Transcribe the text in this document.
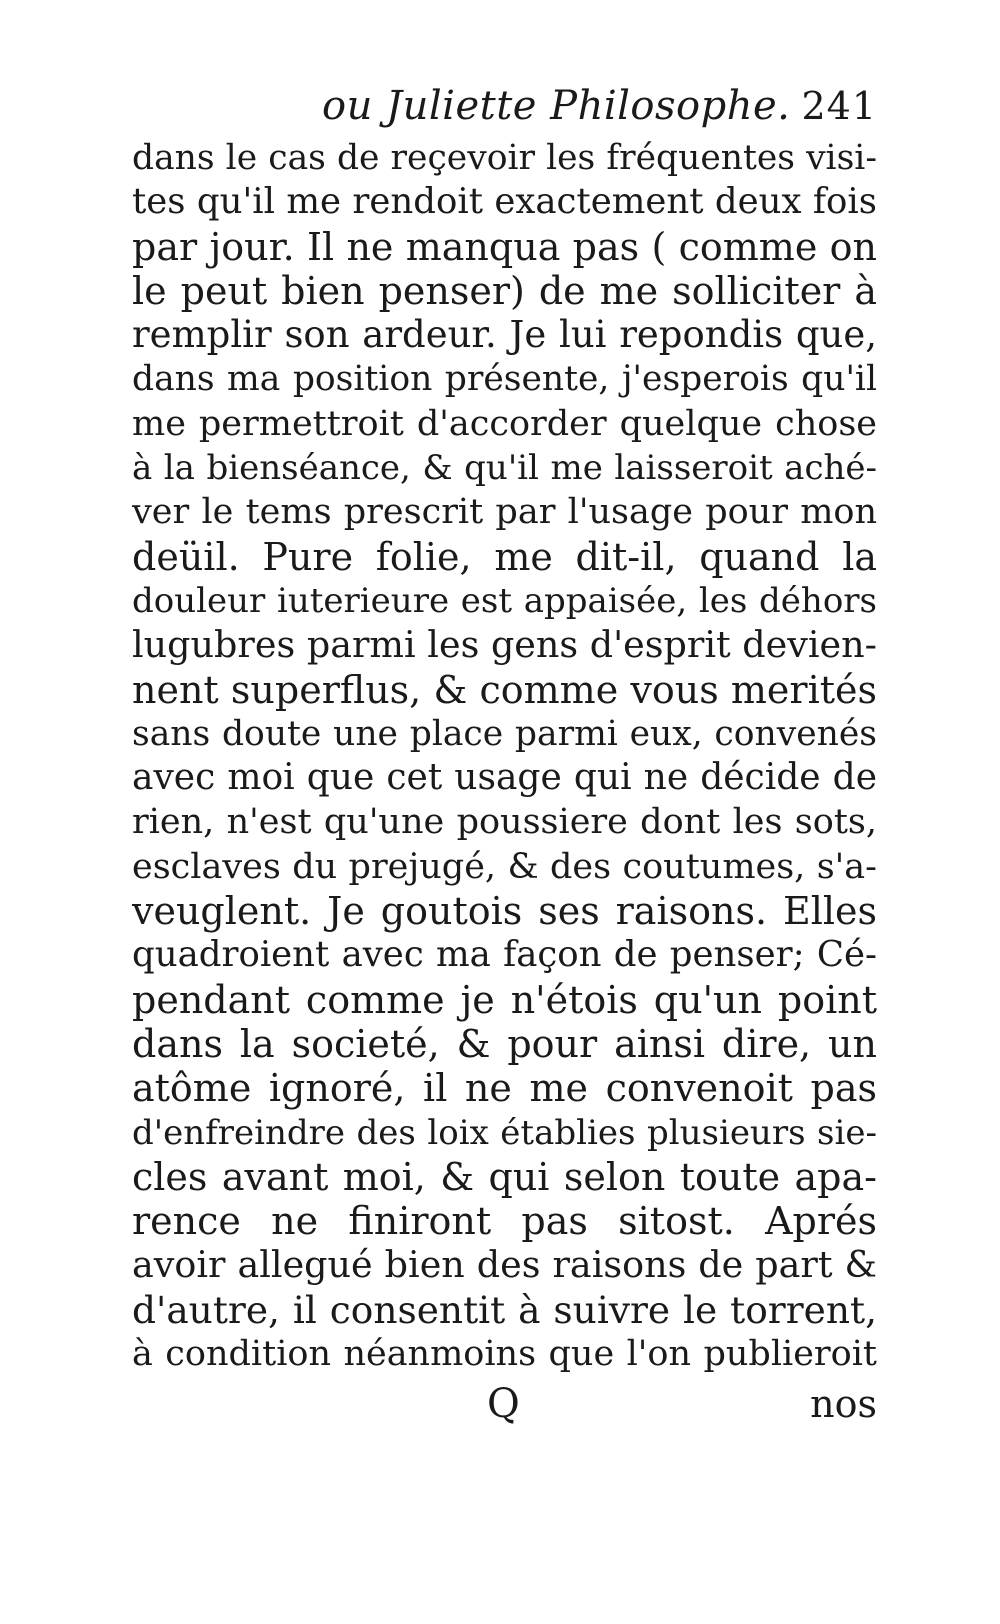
ou Juliette Philosophe. 241
dans le cas de reçevoir les fréquentes visi-
tes qu'il me rendoit exactement deux fois
par jour. Il ne manqua pas ( comme on
le peut bien penser) de me solliciter à
remplir son ardeur. Je lui repondis que,
dans ma position présente, j'esperois qu'il
me permettroit d'accorder quelque chose
à la bienséance, & qu'il me laisseroit aché-
ver le tems prescrit par l'usage pour mon
deüil. Pure folie, me dit-il, quand la
douleur iuterieure est appaisée, les déhors
lugubres parmi les gens d'esprit devien-
nent superflus, & comme vous merités
sans doute une place parmi eux, convenés
avec moi que cet usage qui ne décide de
rien, n'est qu'une poussiere dont les sots,
esclaves du prejugé, & des coutumes, s'a-
veuglent. Je goutois ses raisons. Elles
quadroient avec ma façon de penser; Cé-
pendant comme je n'étois qu'un point
dans la societé, & pour ainsi dire, un
atôme ignoré, il ne me convenoit pas
d'enfreindre des loix établies plusieurs sie-
cles avant moi, & qui selon toute apa-
rence ne finiront pas sitost. Aprés
avoir allegué bien des raisons de part &
d'autre, il consentit à suivre le torrent,
à condition néanmoins que l'on publieroit
Q	nos
